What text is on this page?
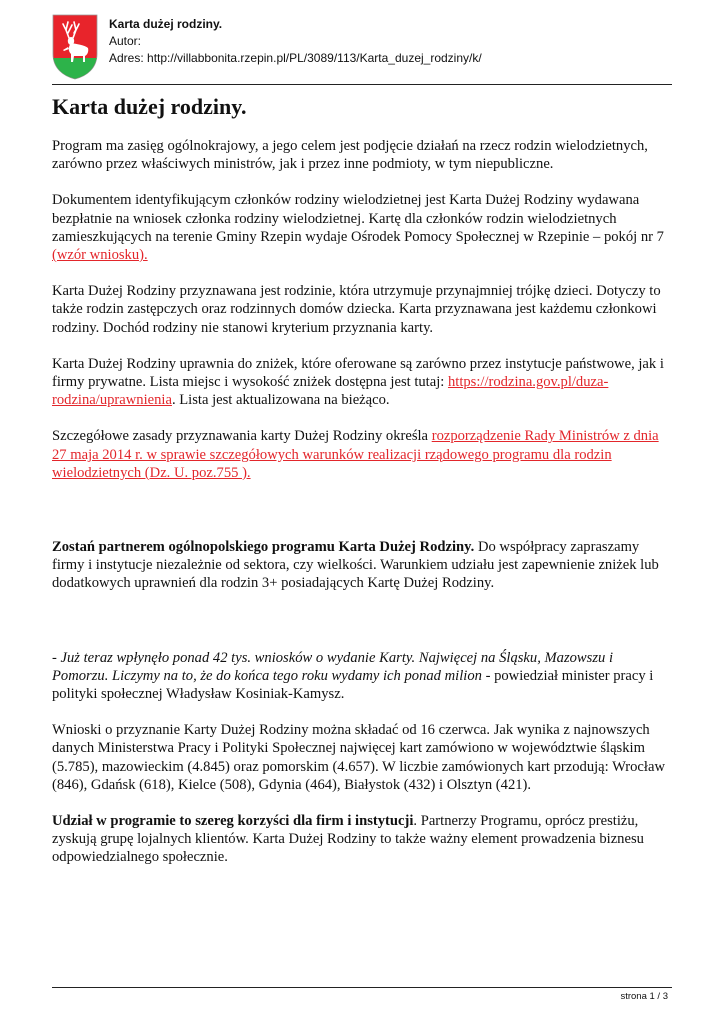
Karta dużej rodziny.
Autor:
Adres: http://villabbonita.rzepin.pl/PL/3089/113/Karta_duzej_rodziny/k/
Karta dużej rodziny.

Program ma zasięg ogólnokrajowy, a jego celem jest podjęcie działań na rzecz rodzin wielodzietnych, zarówno przez właściwych ministrów, jak i przez inne podmioty, w tym niepubliczne.

Dokumentem identyfikującym członków rodziny wielodzietnej jest Karta Dużej Rodziny wydawana bezpłatnie na wniosek członka rodziny wielodzietnej. Kartę dla członków rodzin wielodzietnych zamieszkujących na terenie Gminy Rzepin wydaje Ośrodek Pomocy Społecznej w Rzepinie – pokój nr 7 (wzór wniosku).

Karta Dużej Rodziny przyznawana jest rodzinie, która utrzymuje przynajmniej trójkę dzieci. Dotyczy to także rodzin zastępczych oraz rodzinnych domów dziecka. Karta przyznawana jest każdemu członkowi rodziny. Dochód rodziny nie stanowi kryterium przyznania karty.

Karta Dużej Rodziny uprawnia do zniżek, które oferowane są zarówno przez instytucje państwowe, jak i firmy prywatne. Lista miejsc i wysokość zniżek dostępna jest tutaj: https://rodzina.gov.pl/duza-rodzina/uprawnienia. Lista jest aktualizowana na bieżąco.

Szczegółowe zasady przyznawania karty Dużej Rodziny określa rozporządzenie Rady Ministrów z dnia 27 maja 2014 r. w sprawie szczegółowych warunków realizacji rządowego programu dla rodzin wielodzietnych (Dz. U. poz.755 ).

Zostań partnerem ogólnopolskiego programu Karta Dużej Rodziny. Do współpracy zapraszamy firmy i instytucje niezależnie od sektora, czy wielkości. Warunkiem udziału jest zapewnienie zniżek lub dodatkowych uprawnień dla rodzin 3+ posiadających Kartę Dużej Rodziny.

- Już teraz wpłynęło ponad 42 tys. wniosków o wydanie Karty. Najwięcej na Śląsku, Mazowszu i Pomorzu. Liczymy na to, że do końca tego roku wydamy ich ponad milion - powiedział minister pracy i polityki społecznej Władysław Kosiniak-Kamysz.

Wnioski o przyznanie Karty Dużej Rodziny można składać od 16 czerwca. Jak wynika z najnowszych danych Ministerstwa Pracy i Polityki Społecznej najwięcej kart zamówiono w województwie śląskim (5.785), mazowieckim (4.845) oraz pomorskim (4.657). W liczbie zamówionych kart przodują: Wrocław (846), Gdańsk (618), Kielce (508), Gdynia (464), Białystok (432) i Olsztyn (421).

Udział w programie to szereg korzyści dla firm i instytucji. Partnerzy Programu, oprócz prestiżu, zyskują grupę lojalnych klientów. Karta Dużej Rodziny to także ważny element prowadzenia biznesu odpowiedzialnego społecznie.

strona 1 / 3
